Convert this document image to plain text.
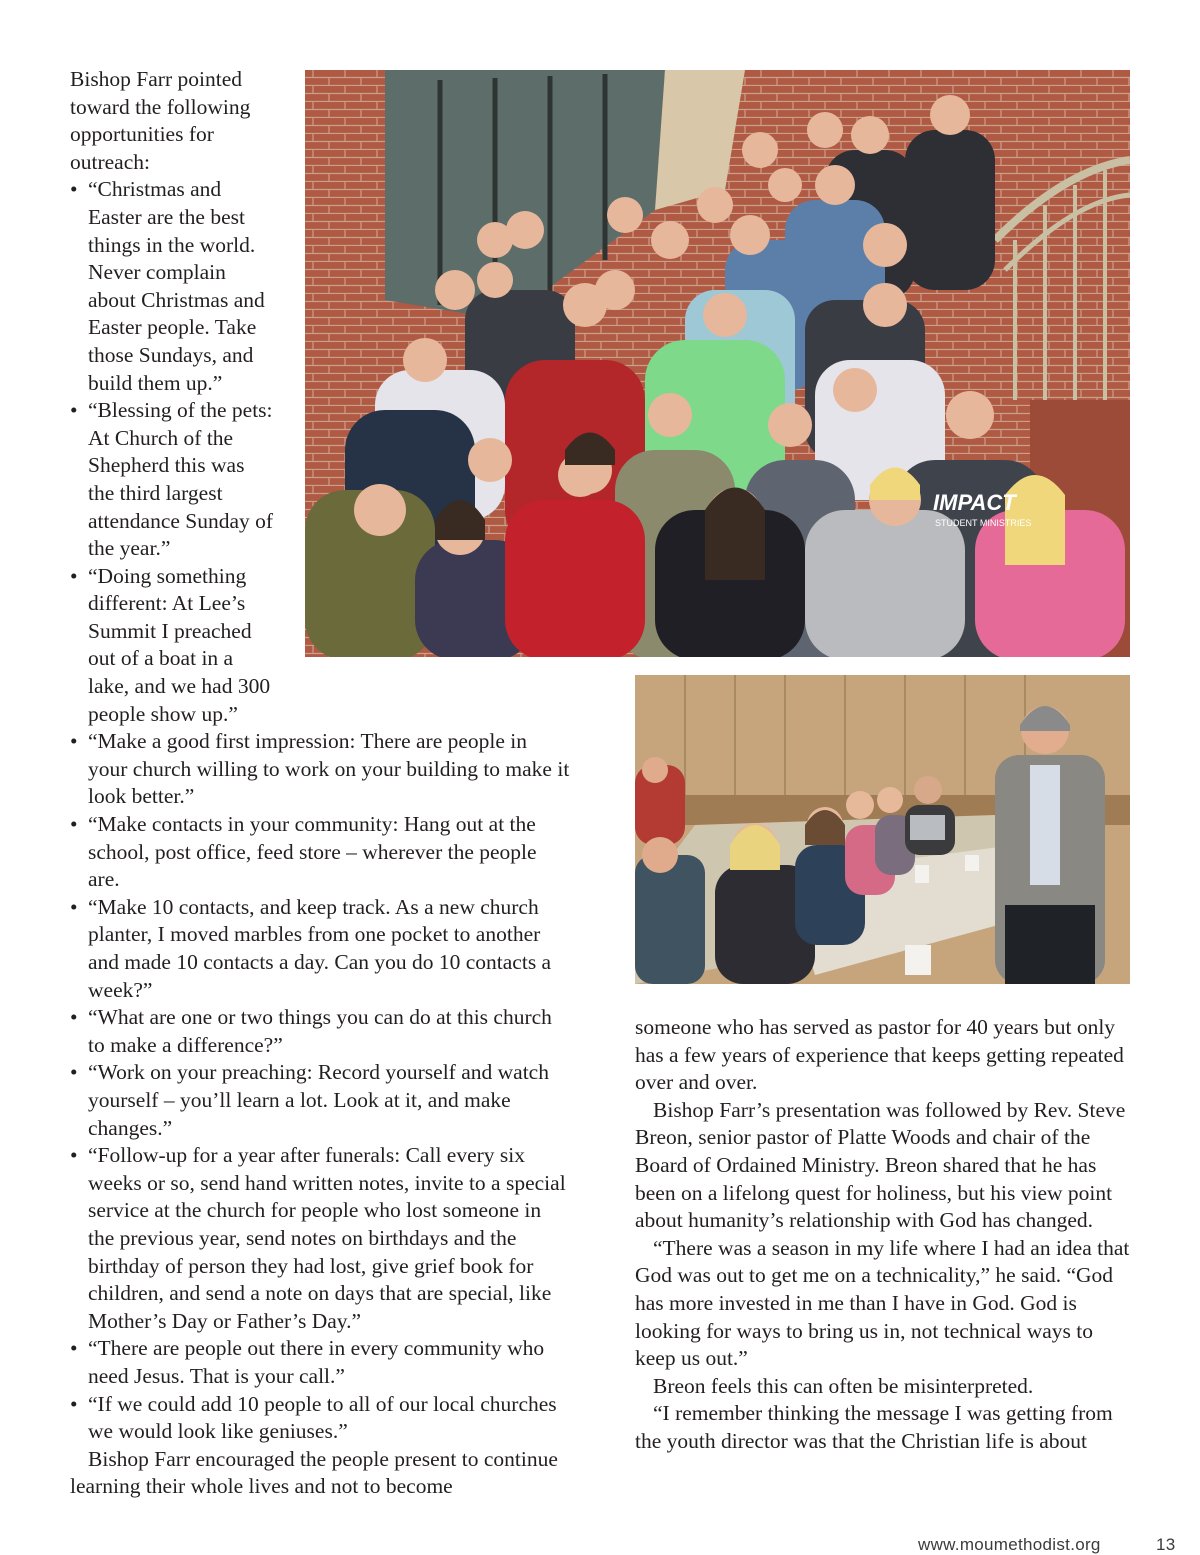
Bishop Farr pointed toward the following opportunities for outreach:

• “Christmas and Easter are the best things in the world. Never complain about Christmas and Easter people. Take those Sundays, and build them up.”
• “Blessing of the pets: At Church of the Shepherd this was the third largest attendance Sunday of the year.”
• “Doing something different: At Lee’s Summit I preached out of a boat in a lake, and we had 300 people show up.”
• “Make a good first impression: There are people in your church willing to work on your building to make it look better.”
• “Make contacts in your community: Hang out at the school, post office, feed store – wherever the people are.
• “Make 10 contacts, and keep track. As a new church planter, I moved marbles from one pocket to another and made 10 contacts a day. Can you do 10 contacts a week?”
• “What are one or two things you can do at this church to make a difference?”
• “Work on your preaching: Record yourself and watch yourself – you’ll learn a lot. Look at it, and make changes.”
• “Follow-up for a year after funerals: Call every six weeks or so, send hand written notes, invite to a special service at the church for people who lost someone in the previous year, send notes on birthdays and the birthday of person they had lost, give grief book for children, and send a note on days that are special, like Mother’s Day or Father’s Day.”
• “There are people out there in every community who need Jesus. That is your call.”
• “If we could add 10 people to all of our local churches we would look like geniuses.”

Bishop Farr encouraged the people present to continue learning their whole lives and not to become

IMPACT
STUDENT MINISTRIES

someone who has served as pastor for 40 years but only has a few years of experience that keeps getting repeated over and over.

Bishop Farr’s presentation was followed by Rev. Steve Breon, senior pastor of Platte Woods and chair of the Board of Ordained Ministry. Breon shared that he has been on a lifelong quest for holiness, but his view point about humanity’s relationship with God has changed.

“There was a season in my life where I had an idea that God was out to get me on a technicality,” he said. “God has more invested in me than I have in God. God is looking for ways to bring us in, not technical ways to keep us out.”

Breon feels this can often be misinterpreted.

“I remember thinking the message I was getting from the youth director was that the Christian life is about

www.moumethodist.org	13
